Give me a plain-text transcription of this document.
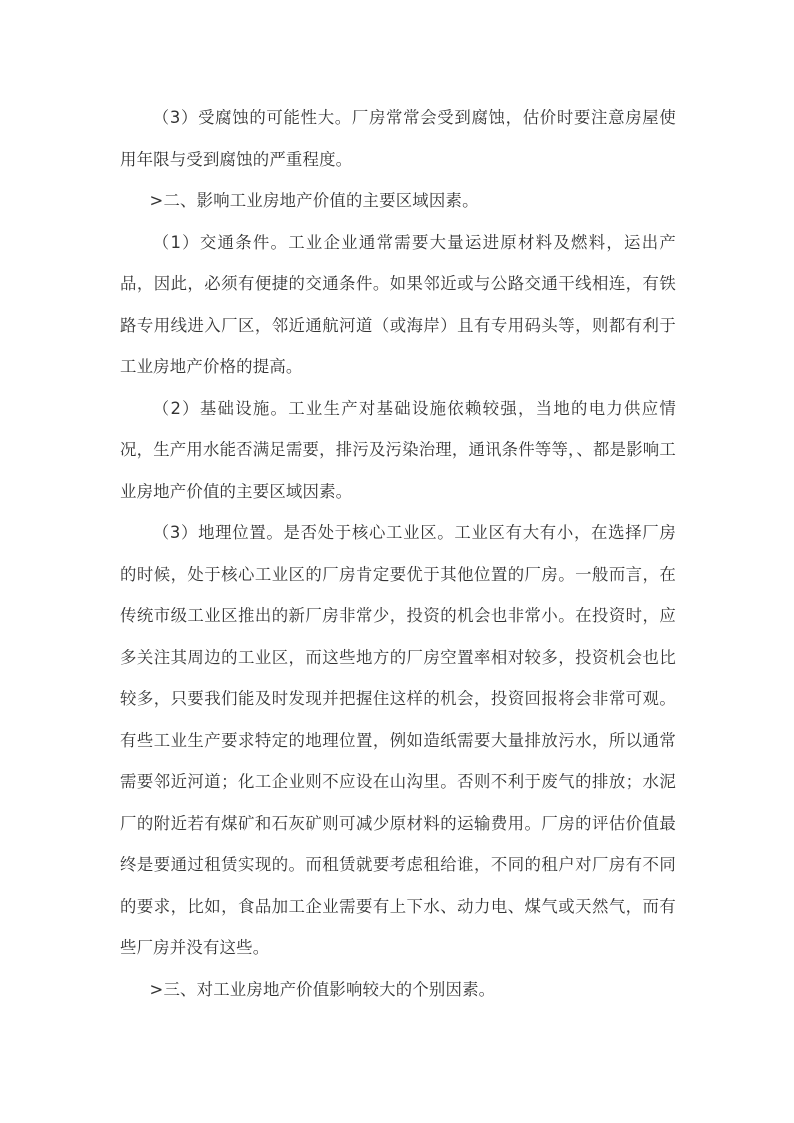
（3）受腐蚀的可能性大。厂房常常会受到腐蚀，估价时要注意房屋使用年限与受到腐蚀的严重程度。

>二、影响工业房地产价值的主要区域因素。

（1）交通条件。工业企业通常需要大量运进原材料及燃料，运出产品，因此，必须有便捷的交通条件。如果邻近或与公路交通干线相连，有铁路专用线进入厂区，邻近通航河道（或海岸）且有专用码头等，则都有利于工业房地产价格的提高。

（2）基础设施。工业生产对基础设施依赖较强，当地的电力供应情况，生产用水能否满足需要，排污及污染治理，通讯条件等等，、都是影响工业房地产价值的主要区域因素。

（3）地理位置。是否处于核心工业区。工业区有大有小，在选择厂房的时候，处于核心工业区的厂房肯定要优于其他位置的厂房。一般而言，在传统市级工业区推出的新厂房非常少，投资的机会也非常小。在投资时，应多关注其周边的工业区，而这些地方的厂房空置率相对较多，投资机会也比较多，只要我们能及时发现并把握住这样的机会，投资回报将会非常可观。有些工业生产要求特定的地理位置，例如造纸需要大量排放污水，所以通常需要邻近河道；化工企业则不应设在山沟里。否则不利于废气的排放；水泥厂的附近若有煤矿和石灰矿则可减少原材料的运输费用。厂房的评估价值最终是要通过租赁实现的。而租赁就要考虑租给谁，不同的租户对厂房有不同的要求，比如，食品加工企业需要有上下水、动力电、煤气或天然气，而有些厂房并没有这些。

>三、对工业房地产价值影响较大的个别因素。
